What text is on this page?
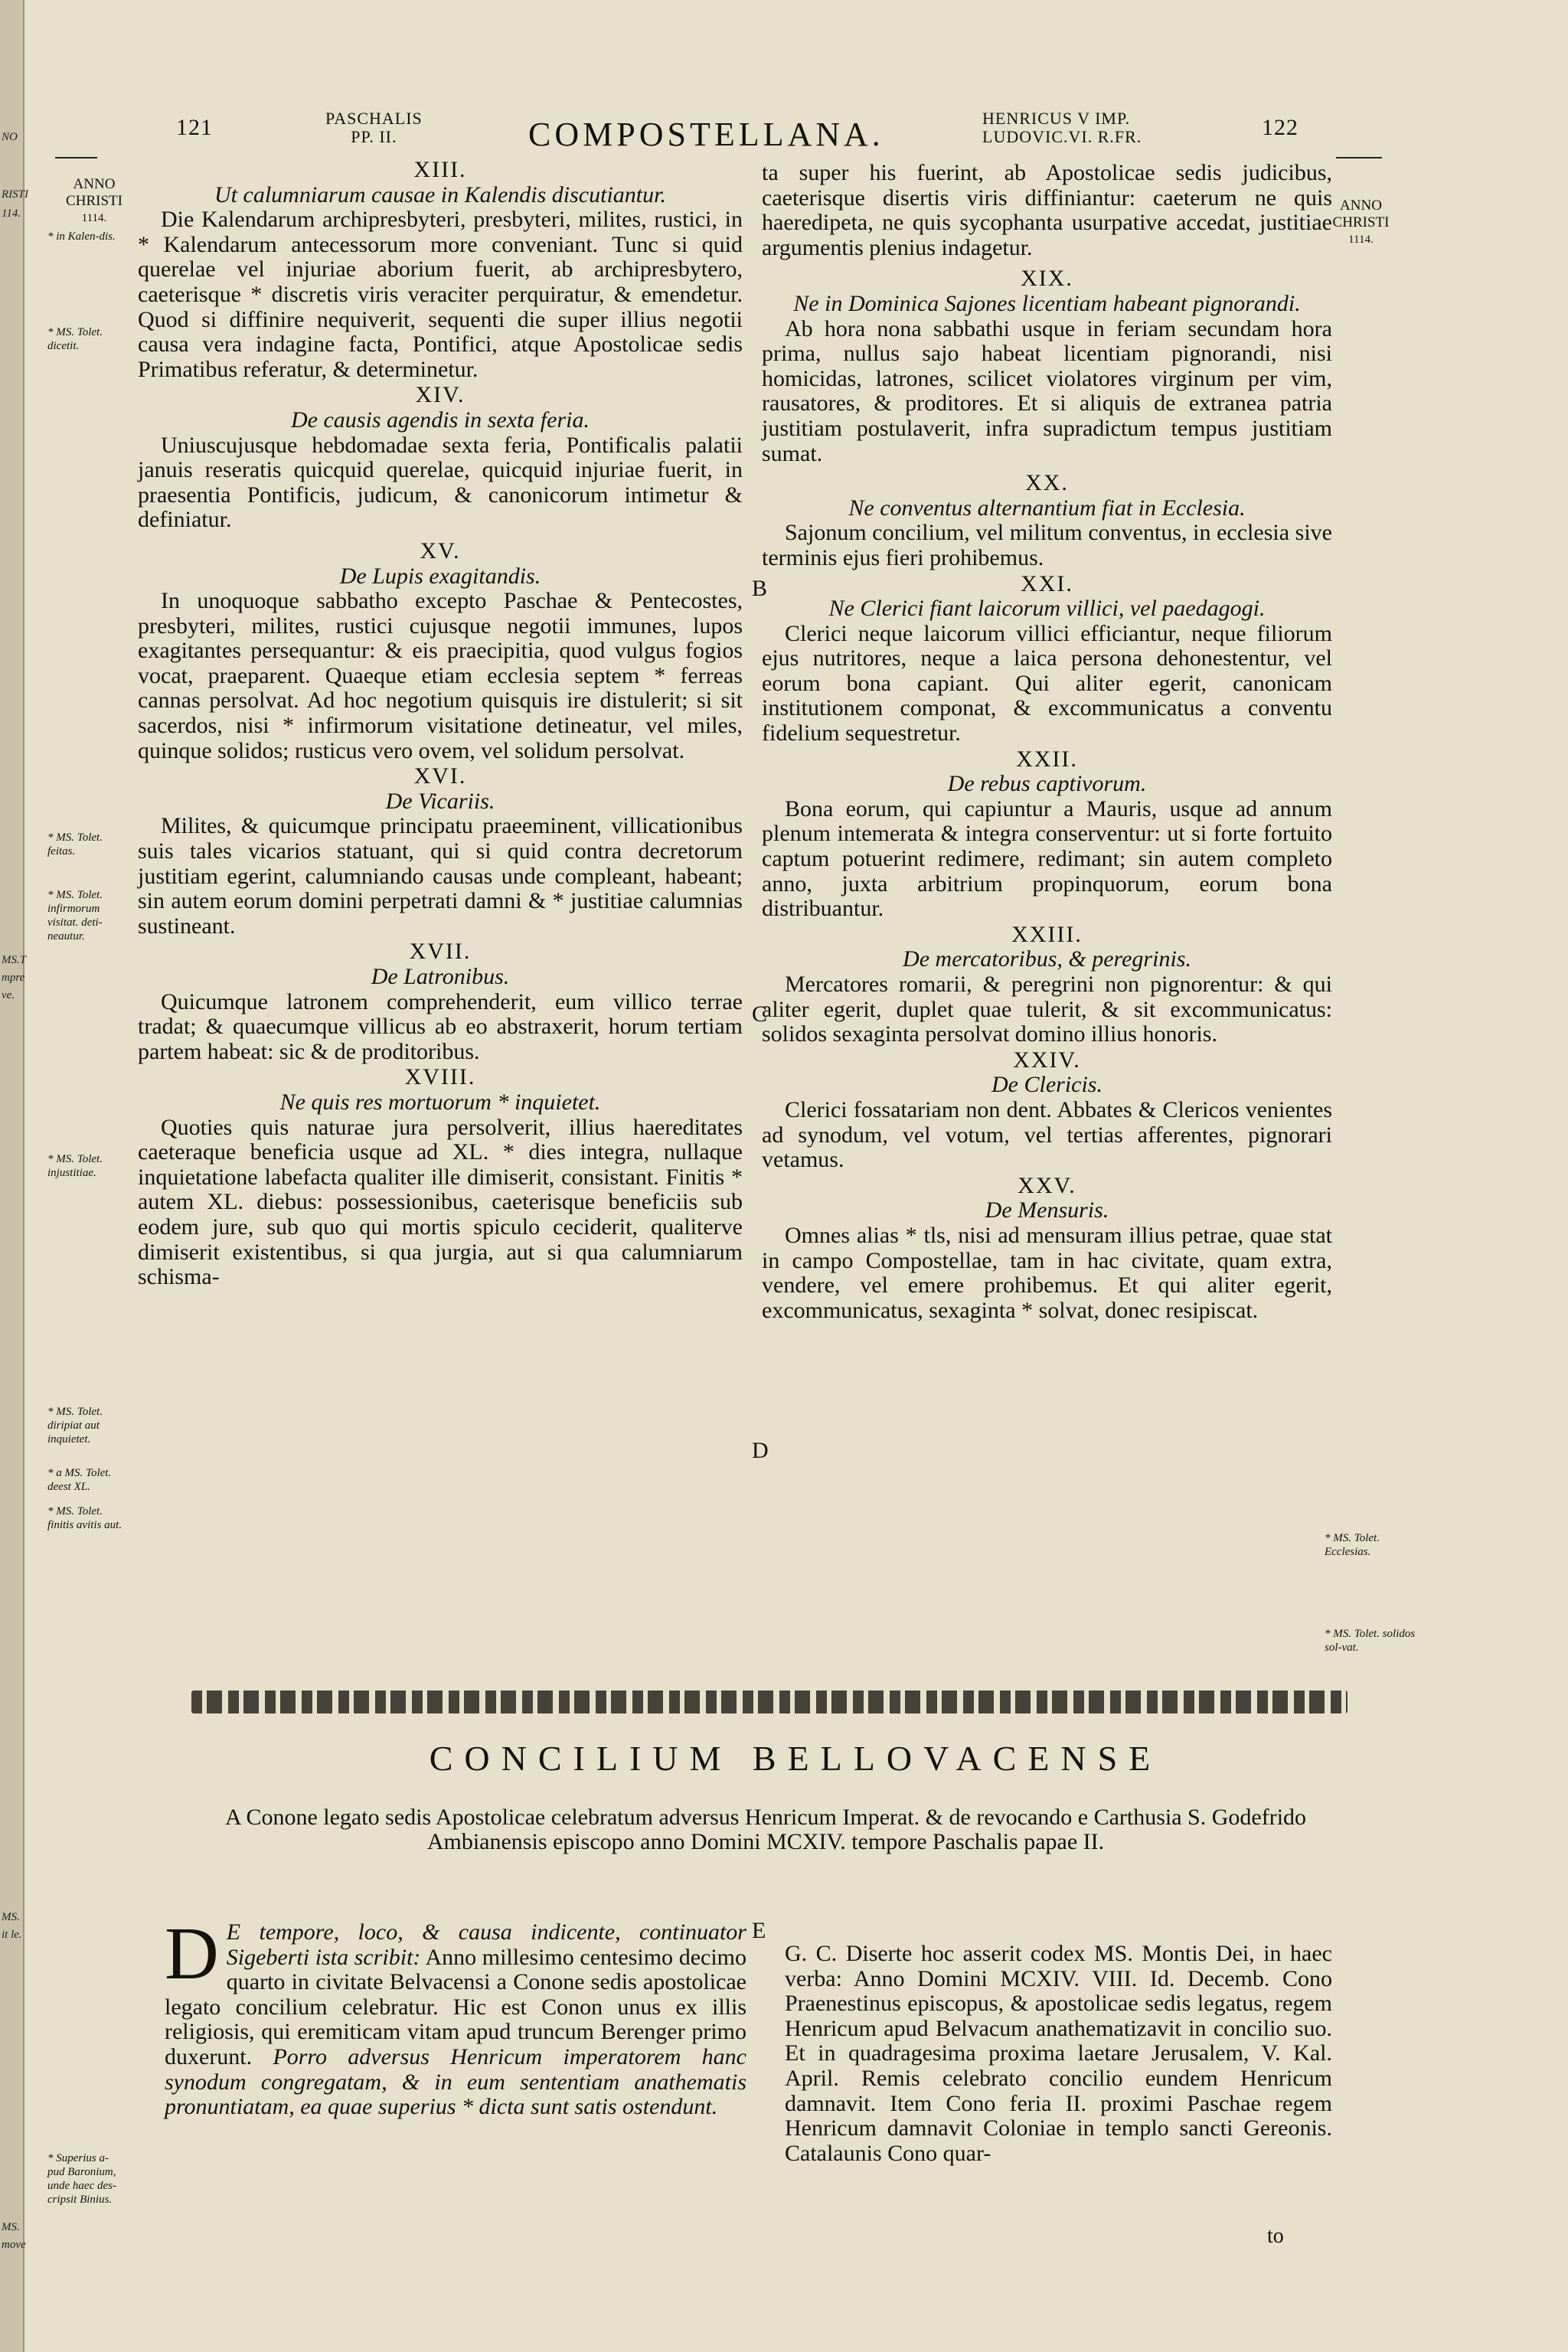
NO
RISTI
114.
MS.T
mpre
ve.
MS.
it le.
MS.
move
121	PASCHALIS
PP. II.	COMPOSTELLANA.	HENRICUS V IMP.
LUDOVIC.VI. R.FR.	122
ANNO
CHRISTI
1114.
ANNO
CHRISTI
1114.
* in Kalen-dis.
* MS. Tolet. dicetit.
* MS. Tolet. feitas.
* MS. Tolet. infirmorum visitat. deti-neautur.
* MS. Tolet. injustitiae.
* MS. Tolet. diripiat aut inquietet.
* a MS. Tolet. deest XL.
* MS. Tolet. finitis avitis aut.
* Superius a-pud Baronium, unde haec des-cripsit Binius.
* MS. Tolet. Ecclesias.
* MS. Tolet. solidos sol-vat.
B
C
D
E
XIII.
Ut calumniarum causae in Kalendis discutiantur.

Die Kalendarum archipresbyteri, presbyteri, milites, rustici, in * Kalendarum antecessorum more conveniant. Tunc si quid querelae vel injuriae aborium fuerit, ab archipresbytero, caeterisque * discretis viris veraciter perquiratur, & emendetur. Quod si diffinire nequiverit, sequenti die super illius negotii causa vera indagine facta, Pontifici, atque Apostolicae sedis Primatibus referatur, & determinetur.

XIV.
De causis agendis in sexta feria.

Uniuscujusque hebdomadae sexta feria, Pontificalis palatii januis reseratis quicquid querelae, quicquid injuriae fuerit, in praesentia Pontificis, judicum, & canonicorum intimetur & definiatur.

XV.
De Lupis exagitandis.

In unoquoque sabbatho excepto Paschae & Pentecostes, presbyteri, milites, rustici cujusque negotii immunes, lupos exagitantes persequantur: & eis praecipitia, quod vulgus fogios vocat, praeparent. Quaeque etiam ecclesia septem * ferreas cannas persolvat. Ad hoc negotium quisquis ire distulerit; si sit sacerdos, nisi * infirmorum visitatione detineatur, vel miles, quinque solidos; rusticus vero ovem, vel solidum persolvat.

XVI.
De Vicariis.

Milites, & quicumque principatu praeeminent, villicationibus suis tales vicarios statuant, qui si quid contra decretorum justitiam egerint, calumniando causas unde compleant, habeant; sin autem eorum domini perpetrati damni & * justitiae calumnias sustineant.

XVII.
De Latronibus.

Quicumque latronem comprehenderit, eum villico terrae tradat; & quaecumque villicus ab eo abstraxerit, horum tertiam partem habeat: sic & de proditoribus.

XVIII.
Ne quis res mortuorum * inquietet.

Quoties quis naturae jura persolverit, illius haereditates caeteraque beneficia usque ad XL. * dies integra, nullaque inquietatione labefacta qualiter ille dimiserit, consistant. Finitis * autem XL. diebus: possessionibus, caeterisque beneficiis sub eodem jure, sub quo qui mortis spiculo ceciderit, qualiterve dimiserit existentibus, si qua jurgia, aut si qua calumniarum schisma-

ta super his fuerint, ab Apostolicae sedis judicibus, caeterisque disertis viris diffiniantur: caeterum ne quis haeredipeta, ne quis sycophanta usurpative accedat, justitiae argumentis plenius indagetur.

XIX.
Ne in Dominica Sajones licentiam habeant pignorandi.

Ab hora nona sabbathi usque in feriam secundam hora prima, nullus sajo habeat licentiam pignorandi, nisi homicidas, latrones, scilicet violatores virginum per vim, rausatores, & proditores. Et si aliquis de extranea patria justitiam postulaverit, infra supradictum tempus justitiam sumat.

XX.
Ne conventus alternantium fiat in Ecclesia.

Sajonum concilium, vel militum conventus, in ecclesia sive terminis ejus fieri prohibemus.

XXI.
Ne Clerici fiant laicorum villici, vel paedagogi.

Clerici neque laicorum villici efficiantur, neque filiorum ejus nutritores, neque a laica persona dehonestentur, vel eorum bona capiant. Qui aliter egerit, canonicam institutionem componat, & excommunicatus a conventu fidelium sequestretur.

XXII.
De rebus captivorum.

Bona eorum, qui capiuntur a Mauris, usque ad annum plenum intemerata & integra conserventur: ut si forte fortuito captum potuerint redimere, redimant; sin autem completo anno, juxta arbitrium propinquorum, eorum bona distribuantur.

XXIII.
De mercatoribus, & peregrinis.

Mercatores romarii, & peregrini non pignorentur: & qui aliter egerit, duplet quae tulerit, & sit excommunicatus: solidos sexaginta persolvat domino illius honoris.

XXIV.
De Clericis.

Clerici fossatariam non dent. Abbates & Clericos venientes ad synodum, vel votum, vel tertias afferentes, pignorari vetamus.

XXV.
De Mensuris.

Omnes alias * tls, nisi ad mensuram illius petrae, quae stat in campo Compostellae, tam in hac civitate, quam extra, vendere, vel emere prohibemus. Et qui aliter egerit, excommunicatus, sexaginta * solvat, donec resipiscat.

CONCILIUM BELLOVACENSE
A Conone legato sedis Apostolicae celebratum adversus Henricum Imperat. & de revocando e Carthusia S. Godefrido Ambianensis episcopo anno Domini MCXIV. tempore Paschalis papae II.

D E tempore, loco, & causa indicente, continuator Sigeberti ista scribit: Anno millesimo centesimo decimo quarto in civitate Belvacensi a Conone sedis apostolicae legato concilium celebratur. Hic est Conon unus ex illis religiosis, qui eremiticam vitam apud truncum Berenger primo duxerunt. Porro adversus Henricum imperatorem hanc synodum congregatam, & in eum sententiam anathematis pronuntiatam, ea quae superius * dicta sunt satis ostendunt.

G. C. Diserte hoc asserit codex MS. Montis Dei, in haec verba: Anno Domini MCXIV. VIII. Id. Decemb. Cono Praenestinus episcopus, & apostolicae sedis legatus, regem Henricum apud Belvacum anathematizavit in concilio suo. Et in quadragesima proxima laetare Jerusalem, V. Kal. April. Remis celebrato concilio eundem Henricum damnavit. Item Cono feria II. proximi Paschae regem Henricum damnavit Coloniae in templo sancti Gereonis. Catalaunis Cono quar-

to
